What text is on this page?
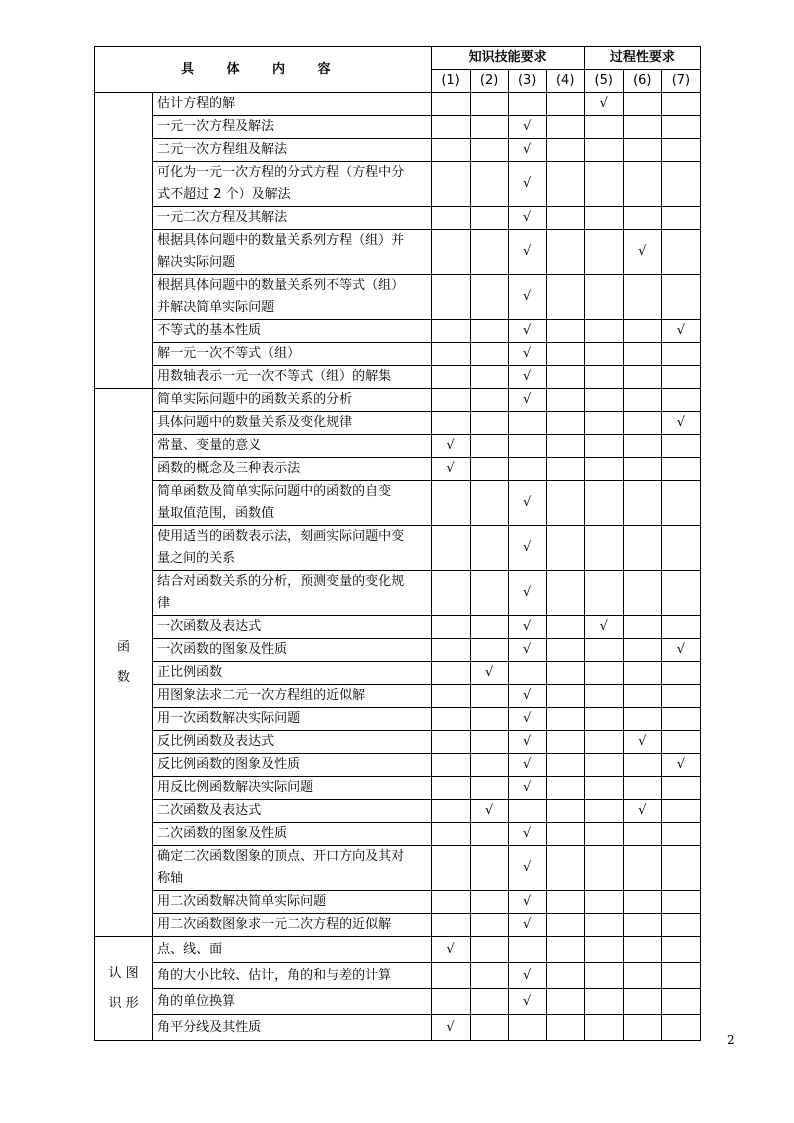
具 体 内 容		知识技能要求				过程性要求		
		(1)	(2)	(3)	(4)	(5)	(6)	(7)

	估计方程的解					√		

	一元一次方程及解法			√				

	二元一次方程组及解法			√				

	可化为一元一次方程的分式方程（方程中分
式不超过 2 个）及解法			√				

	一元二次方程及其解法			√				

	根据具体问题中的数量关系列方程（组）并
解决实际问题			√			√	

	根据具体问题中的数量关系列不等式（组）
并解决简单实际问题			√				

	不等式的基本性质			√				√

	解一元一次不等式（组）			√				

	用数轴表示一元一次不等式（组）的解集			√				

函
数	简单实际问题中的函数关系的分析			√				

	具体问题中的数量关系及变化规律							√

	常量、变量的意义	√						

	函数的概念及三种表示法	√						

	简单函数及简单实际问题中的函数的自变
量取值范围，函数值			√				

	使用适当的函数表示法，刻画实际问题中变
量之间的关系			√				

	结合对函数关系的分析，预测变量的变化规
律			√				

	一次函数及表达式			√		√		

	一次函数的图象及性质			√				√

	正比例函数		√					

	用图象法求二元一次方程组的近似解			√				

	用一次函数解决实际问题			√				

	反比例函数及表达式			√			√	

	反比例函数的图象及性质			√				√

	用反比例函数解决实际问题			√				

	二次函数及表达式		√				√	

	二次函数的图象及性质			√				

	确定二次函数图象的顶点、开口方向及其对
称轴			√				

	用二次函数解决简单实际问题			√				

	用二次函数图象求一元二次方程的近似解			√				

认 图
识 形	点、线、面	√						

	角的大小比较、估计，角的和与差的计算			√				

	角的单位换算			√				

	角平分线及其性质	√						
2
